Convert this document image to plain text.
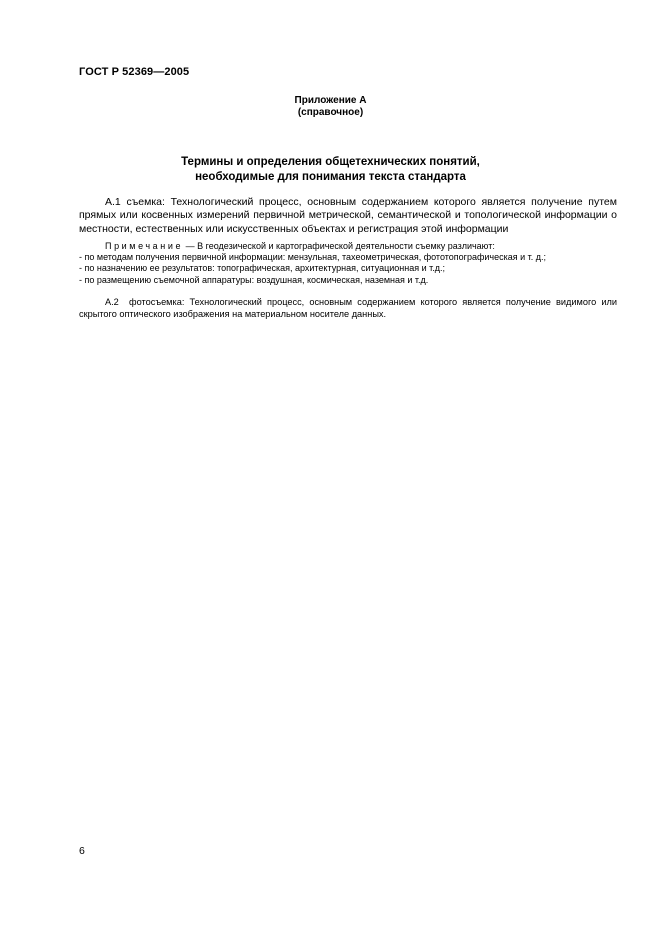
ГОСТ Р 52369—2005
Приложение А
(справочное)
Термины и определения общетехнических понятий,
необходимые для понимания текста стандарта

А.1 съемка: Технологический процесс, основным содержанием которого является получение путем прямых или косвенных измерений первичной метрической, семантической и топологической информации о местности, естественных или искусственных объектах и регистрация этой информации

Примечание — В геодезической и картографической деятельности съемку различают:
- по методам получения первичной информации: мензульная, тахеометрическая, фототопографическая и т. д.;
- по назначению ее результатов: топографическая, архитектурная, ситуационная и т.д.;
- по размещению съемочной аппаратуры: воздушная, космическая, наземная и т.д.

А.2 фотосъемка: Технологический процесс, основным содержанием которого является получение видимого или скрытого оптического изображения на материальном носителе данных.

6
